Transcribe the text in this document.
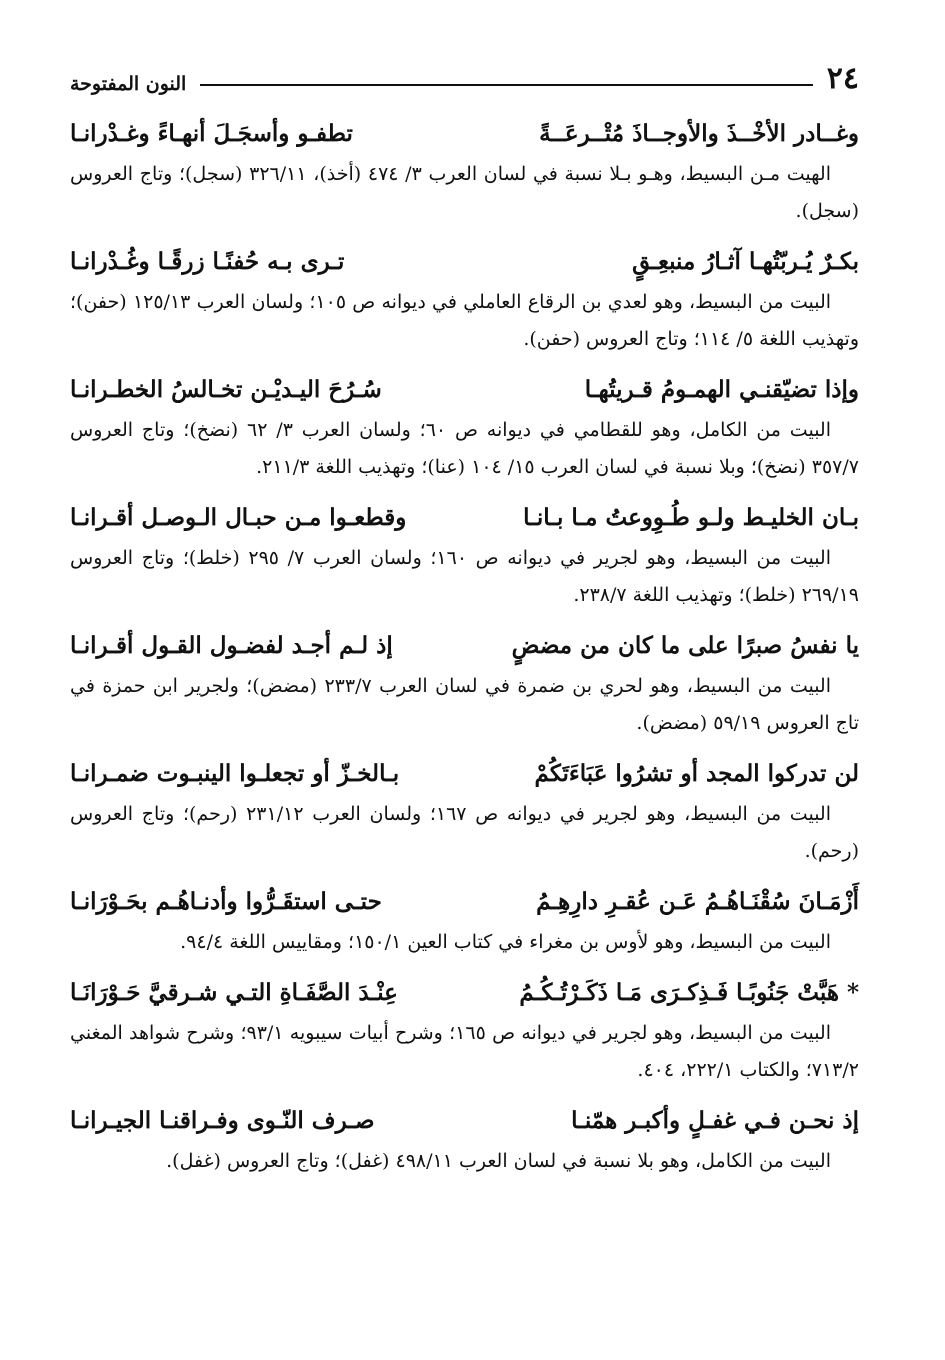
٢٤
النون المفتوحة
وغــادر الأخْــذَ والأوجــاذَ مُتْــرعَــةً
تطفـو وأسجَـلَ أنهـاءً وغـدْرانـا

الهيت مـن البسيط، وهـو بـلا نسبة في لسان العرب ٣/ ٤٧٤ (أخذ)، ٣٢٦/١١ (سجل)؛ وتاج العروس (سجل).

بكـرٌ يُـربّتُهـا آثـارُ منبعِـقٍ
تـرى بـه حُفنًـا زرقًـا وغُـدْرانـا

البيت من البسيط، وهو لعدي بن الرقاع العاملي في ديوانه ص ١٠٥؛ ولسان العرب ١٢٥/١٣ (حفن)؛ وتهذيب اللغة ٥/ ١١٤؛ وتاج العروس (حفن).

وإذا تضيّقنـي الهمـومُ قـريتُهـا
سُـرُحَ اليـديْـن تخـالسُ الخطـرانـا

البيت من الكامل، وهو للقطامي في ديوانه ص ٦٠؛ ولسان العرب ٣/ ٦٢ (نضخ)؛ وتاج العروس ٣٥٧/٧ (نضخ)؛ وبلا نسبة في لسان العرب ١٥/ ١٠٤ (عنا)؛ وتهذيب اللغة ٢١١/٣.

بـان الخليـط ولـو طُـوِوعتُ مـا بـانـا
وقطعـوا مـن حبـال الـوصـل أقـرانـا

البيت من البسيط، وهو لجرير في ديوانه ص ١٦٠؛ ولسان العرب ٧/ ٢٩٥ (خلط)؛ وتاج العروس ٢٦٩/١٩ (خلط)؛ وتهذيب اللغة ٢٣٨/٧.

يا نفسُ صبرًا على ما كان من مضضٍ
إذ لـم أجـد لفضـول القـول أقـرانـا

البيت من البسيط، وهو لحري بن ضمرة في لسان العرب ٢٣٣/٧ (مضض)؛ ولجرير ابن حمزة في تاج العروس ٥٩/١٩ (مضض).

لن تدركوا المجد أو تشرُوا عَبَاءَتَكُمْ
بـالخـزّ أو تجعلـوا الينبـوت ضمـرانـا

البيت من البسيط، وهو لجرير في ديوانه ص ١٦٧؛ ولسان العرب ٢٣١/١٢ (رحم)؛ وتاج العروس (رحم).

أَزْمَـانَ سُقْنَـاهُـمُ عَـن عُقـرِ دارِهِـمُ
حتـى استقَـرُّوا وأدنـاهُـم بحَـوْرَانـا

البيت من البسيط، وهو لأوس بن مغراء في كتاب العين ١٥٠/١؛ ومقاييس اللغة ٩٤/٤.

* هَبَّتْ جَنُوبًـا فَـذِكـرَى مَـا ذَكَـرْتُـكُـمُ
عِنْـدَ الصَّفَـاةِ التـي شـرقيَّ حَـوْرَانَـا

البيت من البسيط، وهو لجرير في ديوانه ص ١٦٥؛ وشرح أبيات سيبويه ٩٣/١؛ وشرح شواهد المغني ٧١٣/٢؛ والكتاب ٢٢٢/١، ٤٠٤.

إذ نحـن فـي غفـلٍ وأكبـر همّنـا
صـرف النّـوى وفـراقنـا الجيـرانـا

البيت من الكامل، وهو بلا نسبة في لسان العرب ٤٩٨/١١ (غفل)؛ وتاج العروس (غفل).
